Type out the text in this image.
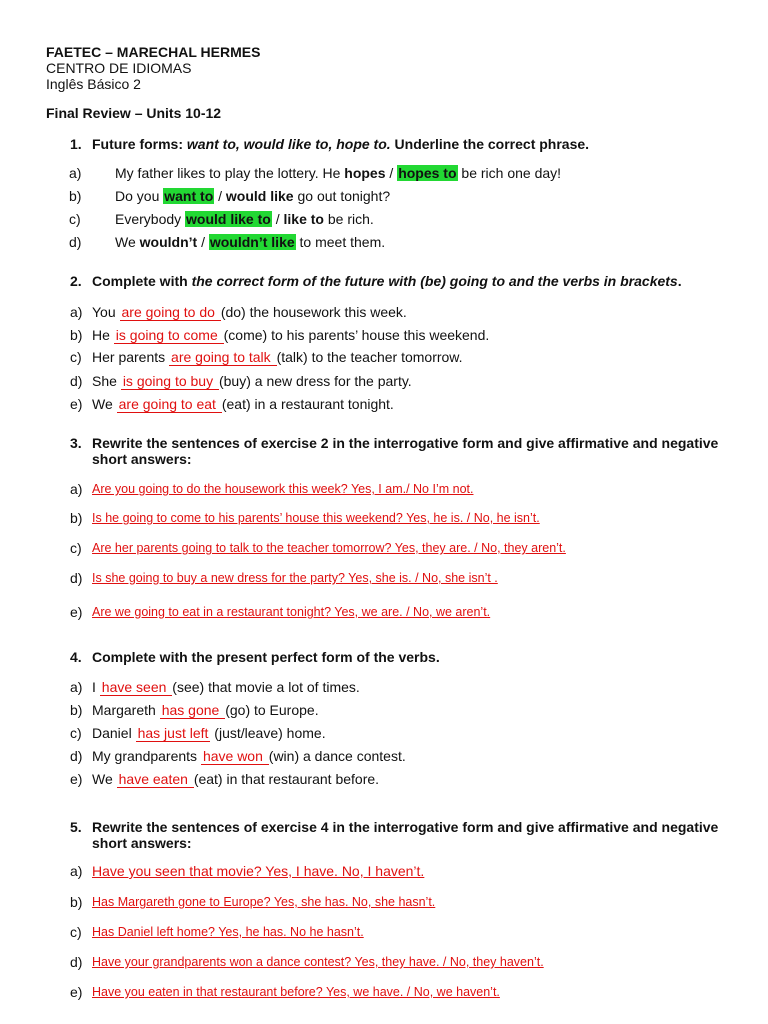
FAETEC – MARECHAL HERMES
CENTRO DE IDIOMAS
Inglês Básico 2
Final Review – Units 10-12
1. Future forms: want to, would like to, hope to. Underline the correct phrase.
a) My father likes to play the lottery. He hopes / hopes to be rich one day!
b) Do you want to / would like go out tonight?
c) Everybody would like to / like to be rich.
d) We wouldn’t / wouldn’t like to meet them.
2. Complete with the correct form of the future with (be) going to and the verbs in brackets.
a) You are going to do (do) the housework this week.
b) He is going to come (come) to his parents’ house this weekend.
c) Her parents are going to talk (talk) to the teacher tomorrow.
d) She is going to buy (buy) a new dress for the party.
e) We are going to eat (eat) in a restaurant tonight.
3. Rewrite the sentences of exercise 2 in the interrogative form and give affirmative and negative
short answers:
a) Are you going to do the housework this week? Yes, I am./ No I’m not.
b) Is he going to come to his parents’ house this weekend? Yes, he is. / No, he isn’t.
c) Are her parents going to talk to the teacher tomorrow? Yes, they are. / No, they aren’t.
d) Is she going to buy a new dress for the party? Yes, she is. / No, she isn’t .
e) Are we going to eat in a restaurant tonight? Yes, we are. / No, we aren’t.
4. Complete with the present perfect form of the verbs.
a) I have seen (see) that movie a lot of times.
b) Margareth has gone (go) to Europe.
c) Daniel has just left (just/leave) home.
d) My grandparents have won (win) a dance contest.
e) We have eaten (eat) in that restaurant before.
5. Rewrite the sentences of exercise 4 in the interrogative form and give affirmative and negative
short answers:
a) Have you seen that movie? Yes, I have. No, I haven’t.
b) Has Margareth gone to Europe? Yes, she has. No, she hasn’t.
c) Has Daniel left home? Yes, he has. No he hasn’t.
d) Have your grandparents won a dance contest? Yes, they have. / No, they haven’t.
e) Have you eaten in that restaurant before? Yes, we have. / No, we haven’t.
